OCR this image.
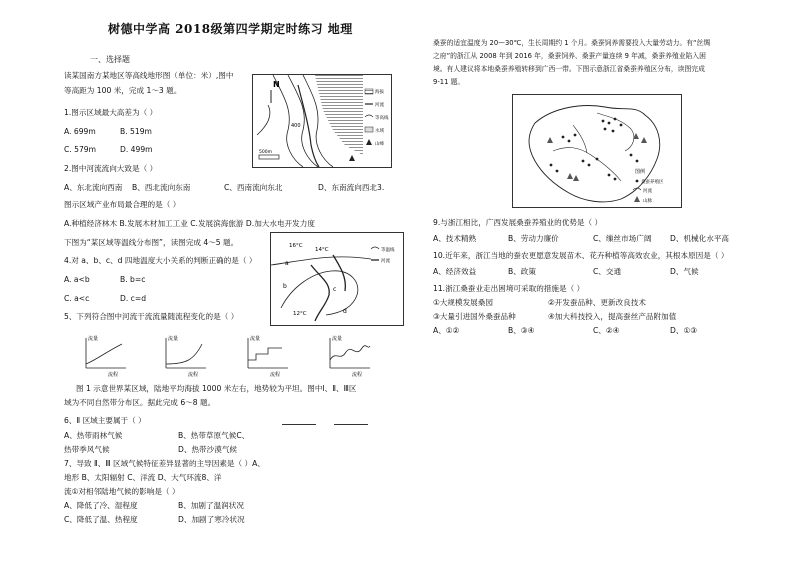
树德中学高 2018级第四学期定时练习 地理
一、选择题
读某国南方某地区等高线地形图（单位：米）,图中
等高距为 100 米，完成 1～3 题。
1.图示区域最大高差为（ ）
A. 699m	B. 519m
C. 579m	D. 499m
2.图中河流流向大致是（ ）
A、东北流向西南 B、西北流向东南	C、西南流向东北	D、东南流向西北3.
图示区域产业布局最合理的是（ ）
A.种植经济林木 B.发展木材加工工业 C.发展滨海旅游 D.加大水电开发力度
400
N
500m
海拔
河流
等高线
水域
山峰
下图为“某区域等温线分布图”，读图完成 4～5 题。	16°C
14°C
12°C
a
b	c
d
等温线
河流
4.对 a、b、c、d 四地温度大小关系的判断正确的是（ ）
A. a<b	B. b=c
C. a<c	D. c=d
5、下列符合图中河流干流流量随流程变化的是（ ）
流量
流程
流量
流程
流量
流程
流量
流程
图 1 示意世界某区域，陆地平均海拔 1000 米左右，地势较为平坦。图中Ⅰ、Ⅱ、Ⅲ区
域为不同自然带分布区。据此完成 6～8 题。
6、Ⅱ 区域主要属于（ ）
A、热带雨林气候	B、热带草原气候C、
热带季风气候	D、热带沙漠气候
7、导致 Ⅱ、Ⅲ 区域气候特征差异显著的主导因素是（ ）A、
地形 B、太阳辐射 C、洋流 D、大气环流8、洋
流①对相邻陆地气候的影响是（ ）
A、降低了冷、湿程度	B、加剧了温润状况
C、降低了温、热程度	D、加剧了寒冷状况
桑蚕的适宜温度为 20—30℃，生长周期约 1 个月。桑蚕饲养需要投入大量劳动力。有“丝绸
之府”的浙江从 2008 年到 2016 年，桑蚕饲养、桑蚕产量连续 9 年减，桑蚕养殖业陷入困
境。有人建议将本地桑蚕养殖转移到广西一带。下图示意浙江省桑蚕养殖区分布，读图完成
9-11 题。
图例
桑蚕养殖区
河流
山脉
9.与浙江相比，广西发展桑蚕养殖业的优势是（ ）
A、技术精熟	B、劳动力廉价	C、缫丝市场广阔 D、机械化水平高
10.近年来，浙江当地的蚕农更愿意发展苗木、花卉种植等高效农业，其根本原因是（ ）
A、经济效益	B、政策	C、交通	D、气候
11.浙江桑蚕业走出困境可采取的措施是（ ）
①大规模发展桑园	②开发蚕品种、更新改良技术
③大量引进国外桑蚕品种	④加大科技投入，提高蚕丝产品附加值
A、①②	B、③④	C、②④	D、①③
